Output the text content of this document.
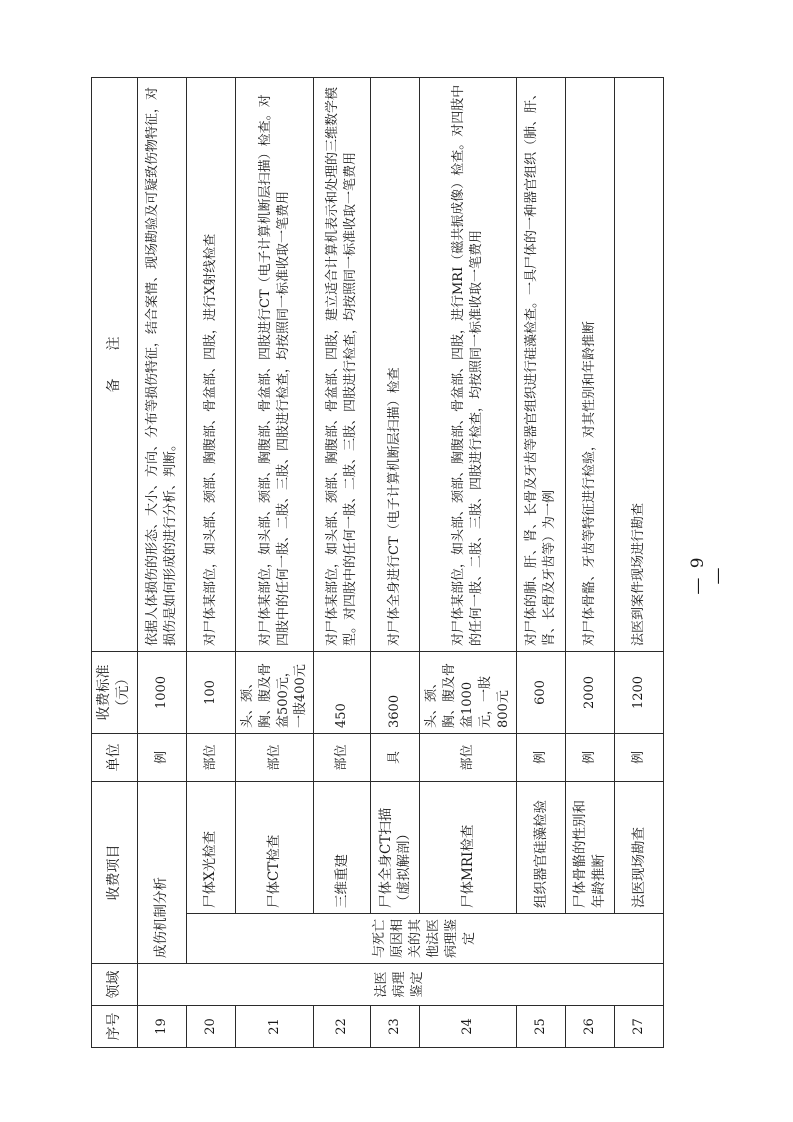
序号	领域	收费项目		单位	收费标准（元）	备　　注
19	法医病理鉴定	成伤机制分析		例	1000	依据人体损伤的形态、大小、方向、分布等损伤特征，结合案情、现场勘验及可疑致伤物特征，对损伤是如何形成的进行分析、判断。
20		与死亡原因相关的其他法医病理鉴定	尸体X光检查	部位	100	对尸体某部位，如头部、颈部、胸腹部、骨盆部、四肢，进行X射线检查
21			尸体CT检查	部位	头、颈、胸、腹及骨盆500元，一肢400元	对尸体某部位，如头部、颈部、胸腹部、骨盆部、四肢进行CT（电子计算机断层扫描）检查。对四肢中的任何一肢、二肢、三肢、四肢进行检查，均按照同一标准收取一笔费用
22			三维重建	部位	450	对尸体某部位，如头部、颈部、胸腹部、骨盆部、四肢，建立适合计算机表示和处理的三维数学模型。对四肢中的任何一肢、二肢、三肢、四肢进行检查，均按照同一标准收取一笔费用
23			尸体全身CT扫描（虚拟解剖）	具	3600	对尸体全身进行CT（电子计算机断层扫描）检查
24			尸体MRI检查	部位	头、颈、胸、腹及骨盆1000元，一肢800元	对尸体某部位，如头部、颈部、胸腹部、骨盆部、四肢，进行MRI（磁共振成像）检查。对四肢中的任何一肢、二肢、三肢、四肢进行检查，均按照同一标准收取一笔费用
25			组织器官硅藻检验	例	600	对尸体的肺、肝、肾、长骨及牙齿等器官组织进行硅藻检查。一具尸体的一种器官组织（肺、肝、肾、长骨及牙齿等）为一例
26			尸体骨骼的性别和年龄推断	例	2000	对尸体骨骼、牙齿等特征进行检验，对其性别和年龄推断
27			法医现场勘查	例	1200	法医到案件现场进行勘查 — 9 —
